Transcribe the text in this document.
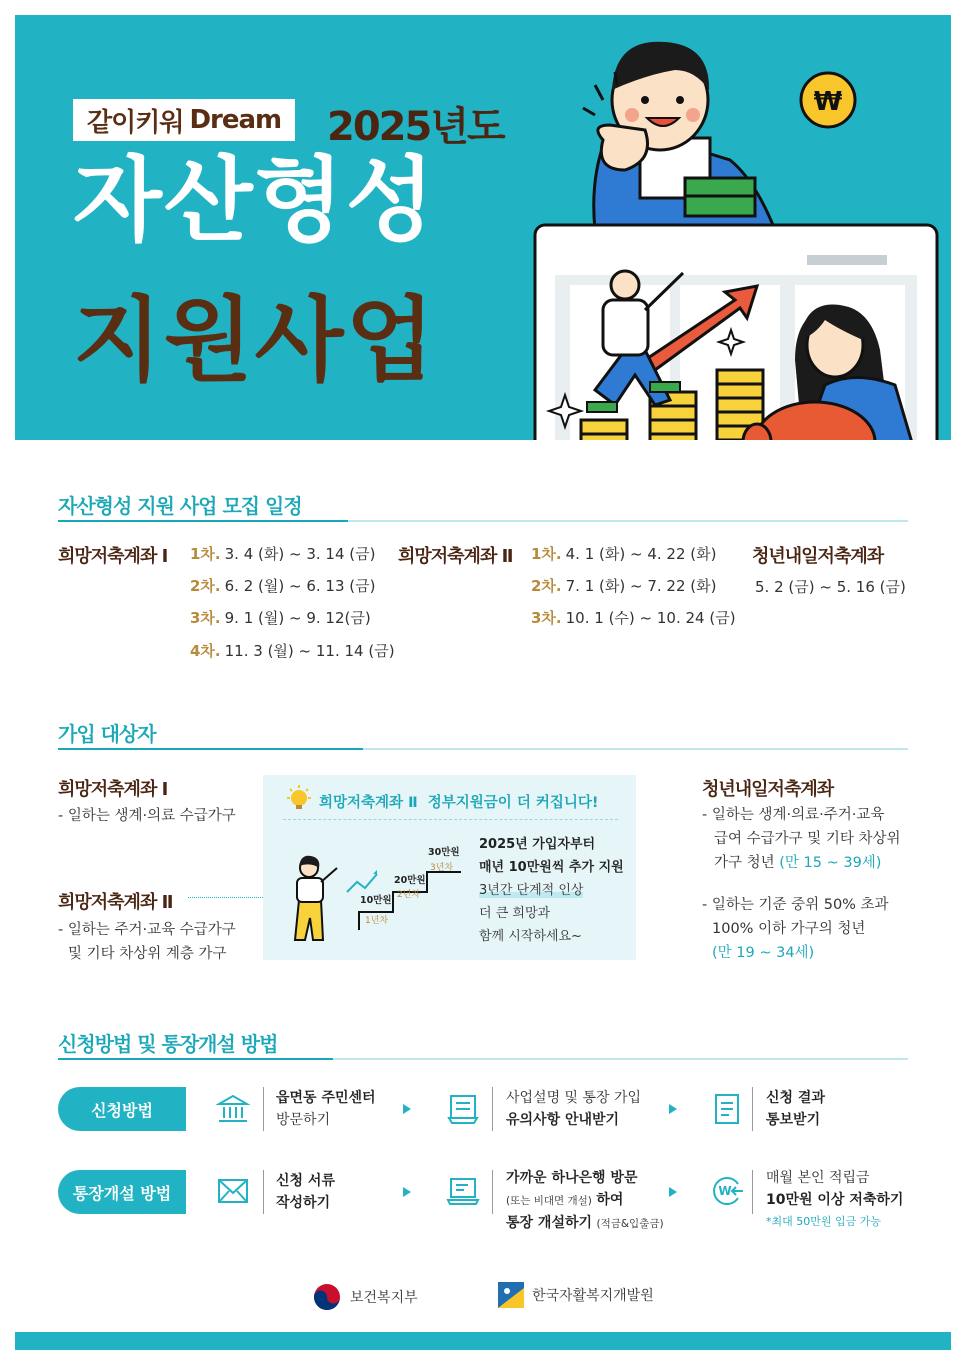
₩
같이키워 Dream 2025년도
자산형성
지원사업
자산형성 지원 사업 모집 일정
희망저축계좌 Ⅰ 1차. 3. 4 (화) ~ 3. 14 (금)
2차. 6. 2 (월) ~ 6. 13 (금)
3차. 9. 1 (월) ~ 9. 12(금)
4차. 11. 3 (월) ~ 11. 14 (금)
희망저축계좌 Ⅱ 1차. 4. 1 (화) ~ 4. 22 (화)
2차. 7. 1 (화) ~ 7. 22 (화)
3차. 10. 1 (수) ~ 10. 24 (금)
청년내일저축계좌
5. 2 (금) ~ 5. 16 (금)
가입 대상자
희망저축계좌 Ⅰ
- 일하는 생계·의료 수급가구
희망저축계좌 Ⅱ
- 일하는 주거·교육 수급가구
및 기타 차상위 계층 가구
희망저축계좌 Ⅱ 정부지원금이 더 커집니다!
10만원
1년차
20만원
2년차
30만원
3년차
2025년 가입자부터
매년 10만원씩 추가 지원
3년간 단계적 인상
더 큰 희망과
함께 시작하세요~
청년내일저축계좌
- 일하는 생계·의료·주거·교육
급여 수급가구 및 기타 차상위
가구 청년 (만 15 ~ 39세)
- 일하는 기준 중위 50% 초과
100% 이하 가구의 청년
(만 19 ~ 34세)
신청방법 및 통장개설 방법
신청방법
읍면동 주민센터
방문하기
사업설명 및 통장 가입
유의사항 안내받기
신청 결과
통보받기
통장개설 방법
신청 서류
작성하기
가까운 하나은행 방문
(또는 비대면 개설) 하여
통장 개설하기 (적금&입출금)
W
매월 본인 적립금
10만원 이상 저축하기
*최대 50만원 입금 가능
보건복지부	한국자활복지개발원
